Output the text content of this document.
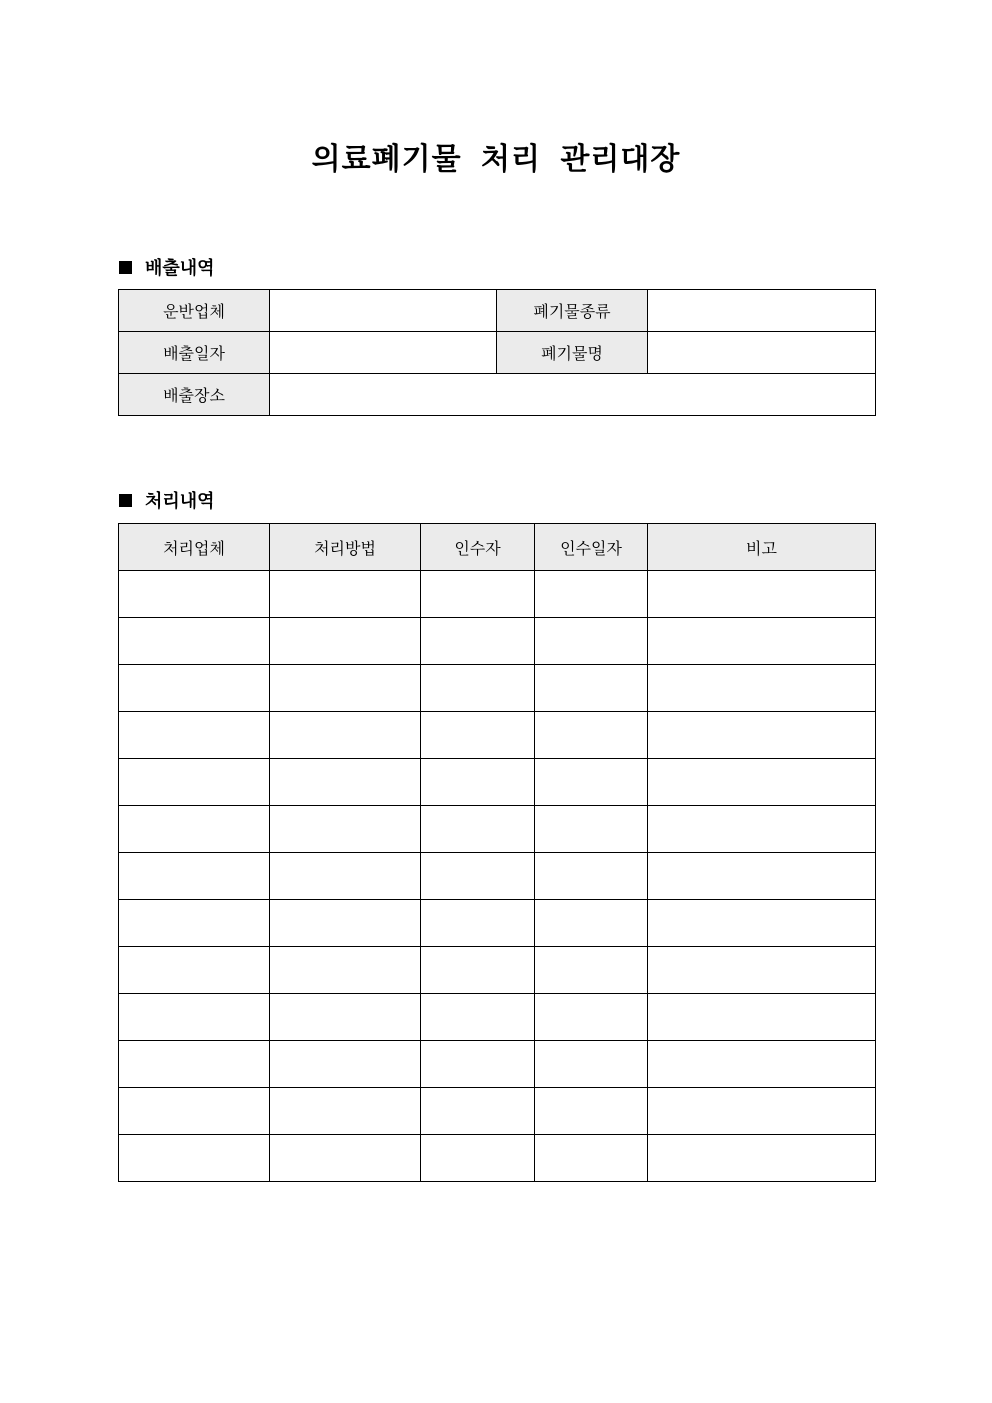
의료폐기물 처리 관리대장
배출내역
운반업체		폐기물종류	
배출일자		폐기물명	
배출장소			
처리내역
처리업체	처리방법	인수자	인수일자	비고
